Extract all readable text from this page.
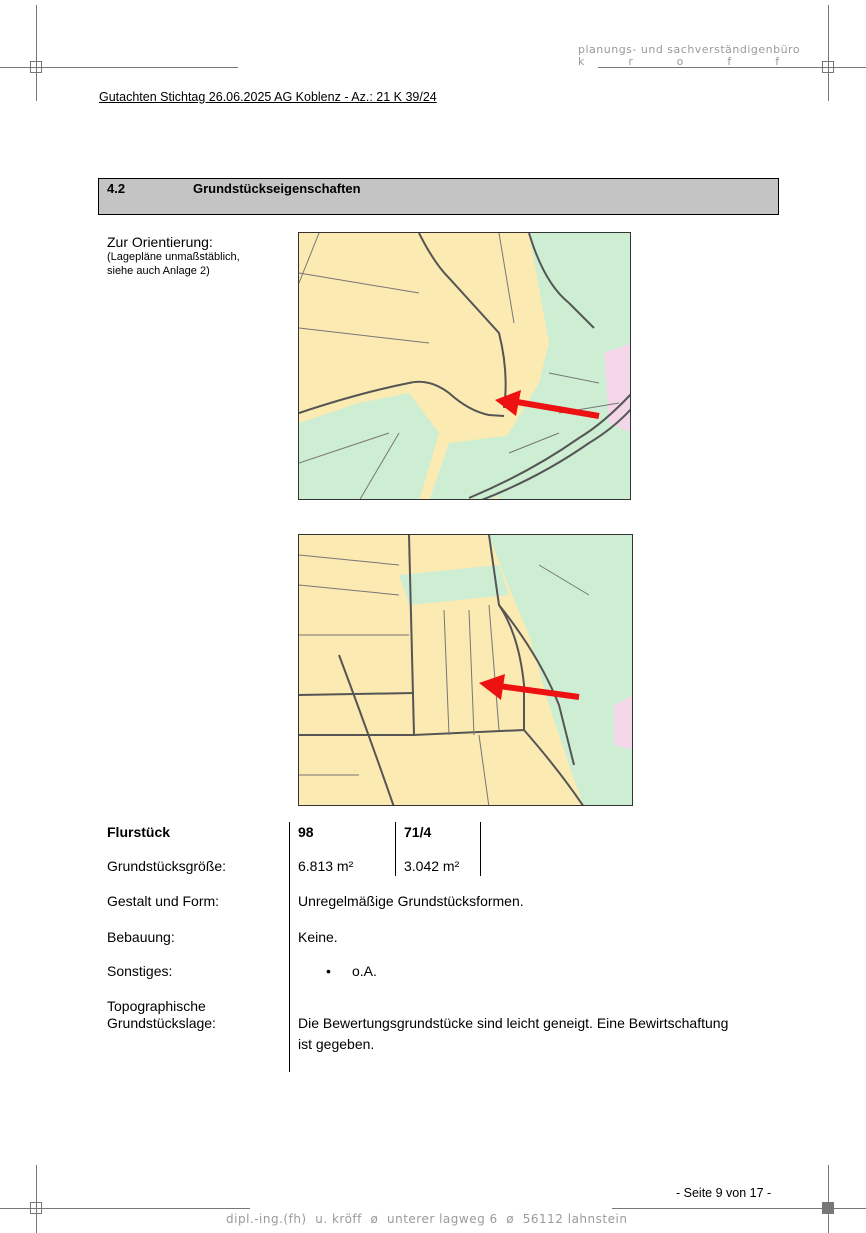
planungs- und sachverständigenbüro
kroff
Gutachten Stichtag 26.06.2025 AG Koblenz - Az.: 21 K 39/24
4.2	Grundstückseigenschaften
Zur Orientierung:
(Lagepläne unmaßstäblich, siehe auch Anlage 2)
Flurstück	98	71/4
Grundstücksgröße:	6.813 m²	3.042 m²
Gestalt und Form:	Unregelmäßige Grundstücksformen.
Bebauung:	Keine.
Sonstiges:	• o.A.
Topographische
Grundstückslage:	Die Bewertungsgrundstücke sind leicht geneigt. Eine Bewirtschaftung
ist gegeben.
- Seite 9 von 17 -
dipl.-ing.(fh)  u. kröff  ø  unterer lagweg 6  ø  56112 lahnstein
